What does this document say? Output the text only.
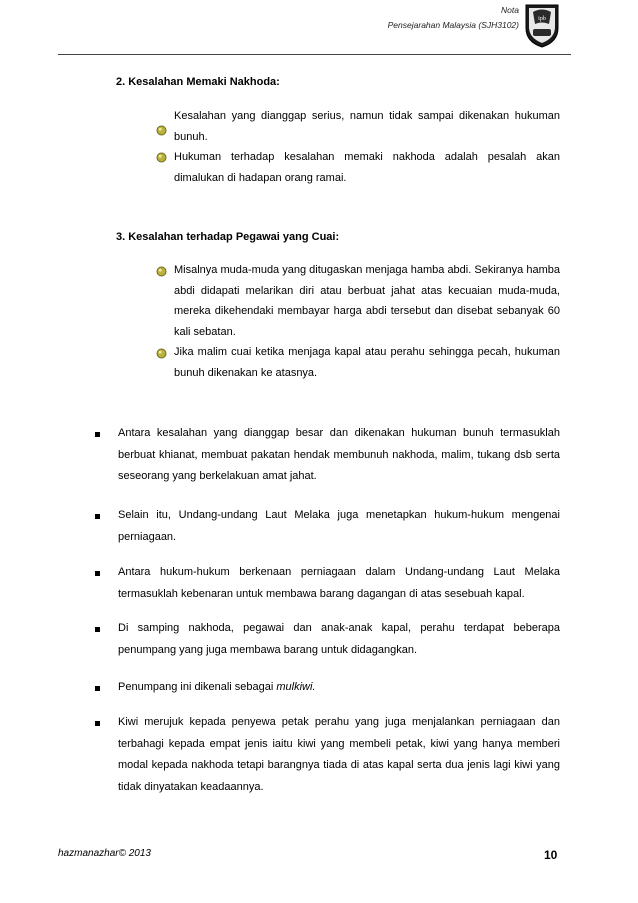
Nota
Pensejarahan Malaysia (SJH3102)
ipb
2. Kesalahan Memaki Nakhoda:
Kesalahan yang dianggap serius, namun tidak sampai dikenakan hukuman bunuh.
Hukuman terhadap kesalahan memaki nakhoda adalah pesalah akan dimalukan di hadapan orang ramai.
3. Kesalahan terhadap Pegawai yang Cuai:
Misalnya muda-muda yang ditugaskan menjaga hamba abdi. Sekiranya hamba abdi didapati melarikan diri atau berbuat jahat atas kecuaian muda-muda, mereka dikehendaki membayar harga abdi tersebut dan disebat sebanyak 60 kali sebatan.
Jika malim cuai ketika menjaga kapal atau perahu sehingga pecah, hukuman bunuh dikenakan ke atasnya.
Antara kesalahan yang dianggap besar dan dikenakan hukuman bunuh termasuklah berbuat khianat, membuat pakatan hendak membunuh nakhoda, malim, tukang dsb serta seseorang yang berkelakuan amat jahat.
Selain itu, Undang-undang Laut Melaka juga menetapkan hukum-hukum mengenai perniagaan.
Antara hukum-hukum berkenaan perniagaan dalam Undang-undang Laut Melaka termasuklah kebenaran untuk membawa barang dagangan di atas sesebuah kapal.
Di samping nakhoda, pegawai dan anak-anak kapal, perahu terdapat beberapa penumpang yang juga membawa barang untuk didagangkan.
Penumpang ini dikenali sebagai mulkiwi.
Kiwi merujuk kepada penyewa petak perahu yang juga menjalankan perniagaan dan terbahagi kepada empat jenis iaitu kiwi yang membeli petak, kiwi yang hanya memberi modal kepada nakhoda tetapi barangnya tiada di atas kapal serta dua jenis lagi kiwi yang tidak dinyatakan keadaannya.
hazmanazhar© 2013	10
